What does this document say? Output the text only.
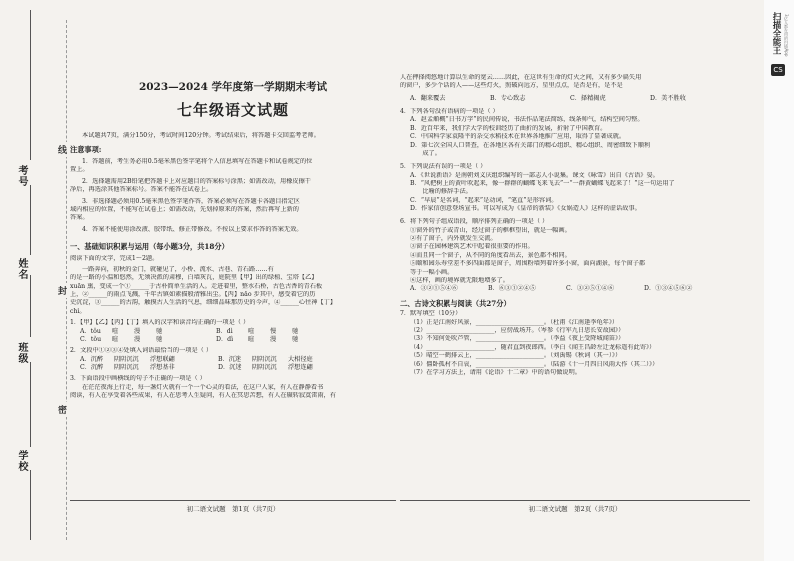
学校
班级
姓名
考号
线
封
密
2023—2024 学年度第一学期期末考试
七年级语文试题

本试题共7页，满分150分，考试时间120分钟。考试结束后，将答题卡交回监考老师。

注意事项:

1．答题前，考生务必用0.5毫米黑色签字笔将个人信息填写在答题卡和试卷规定的位

置上。

2．选择题需用2B铅笔把答题卡上对应题目的答案标号涂黑；如需改动，用橡皮擦干

净后，再选涂其他答案标号。答案不能答在试卷上。

3．非选择题必须用0.5毫米黑色签字笔作答，答案必须写在答题卡各题目指定区

域内相应的位置，不能写在试卷上；如需改动，先划掉原来的答案，然后再写上新的

答案。

4．答案不能使用涂改液、胶带纸、修正带修改。不按以上要求作答的答案无效。

一、基础知识积累与运用（每小题3分，共18分）

阅读下面的文字，完成1～2题。

一路奔向，初秋的金门，就碰见了，小桥、流水、古巷、青石路……有

的是一路的小温和悠然，无须决派的肃穆，白墙灰瓦，庭院里【甲】出的绿植、宝塔【乙】

xuān 熏，变成一个①______于古朴简单生活的人。走进着里，整水石桥，古色古香的青石板

上，②______的雨点飞溅，千年古镇如素描般清雅出尘。【丙】nǎo 步其中，感受着它的历

史沉淀，③______的古韵，触摸古人生活的气息，细细品味那历史的今声，④______心往神【丁】

chì。

1．【甲】【乙】【丙】【丁】填入的汉字和读音均正确的一项是（ ）

A．tǒu	喧	漫	驰	B．dì	喧	慢	驰
C．tǒu	暄	漫	驰	D．dì	暄	漫	驰

2．文段中①②③④处填入词语最恰当的一项是（ ）

A．沉醉	阴阴沉沉	浮想联翩	B．沉迷	阴阴沉沉	大相径庭
C．沉醉	阴阴沉沉	浮想基非	D．沉迷	阴阴沉沉	浮想连翩

3．下面语段中画横线的句子不正确的一项是（ ）

在茫茫夜海上行走，每一盏灯火就有一个一个心灵的看法，在这户人家，有人在静静看书

阅读，有人在享受着各些成果，有人在思考人生疑问，有人在冥思苦想，有人在辗转寂寞雷雨，有

初二语文试题　第1页（共7页）

人在押择阅悠地计算以生命的宽云……因此，在这世有生命的灯火之间，又有多少扁失用

的窗户，多少个话的人——这些灯火，照破向远方，星里点点，是否是有，是不是

A．翻来覆去	B．专心致志	C．择精揭虎	D．美不胜收

4．下列各句没有语病的一项是（ ）

A．赵孟頫概“日书万字”的民间传说，书法作品笔法简练，线条帅气，结构空间匀整。

B．近百年来，我们学大学的校训经历了曲折的发展，折射了中国教育。

C．中国科学家袁隆平的杂交水稻技术在世界各地推广应用，取得了显著成就。

D．第七次全国人口普查，在各地区各有关部门的精心组织、精心组织、周密细致下顺利

　　成了。

5．下列说法有误的一项是（ ）

A．《世说新语》是南朝刘义庆组织编写的一部志人小说集。课文《咏雪》出自《古语》晏。

B．“风把树上的黄叶吹起来，像一群群的蝴蝶飞来飞去”一“一群黄蝴蝶飞起来了！”这一句运用了

　　比喻的修辞手法。

C．“早晨”是名词，“起来”是动词，“笔直”是形容词。

D．作家信创意登场宣书。可以写成为《皇帝的新装》《女娲造人》这样的虚话故事。

6．将下列句子组成语段，顺序排列正确的一项是（ ）

①窗外的竹子或青山，经过窗子的框框望出，就是一幅画。

②有了窗子，内外就发生交流。

③窗子在园林建筑艺术中起着很重要的作用。

④而且同一个窗子，从不同的角度看出去，景色都不相同。

⑤颐和园乐寿堂差不多四面都是窗子，周围粉墙列着许多小窗，面向湖景，每个窗子都

等于一幅小画。

⑥这样，画的境界就无限地增多了。

A．③②①⑤④⑥	B．⑥③①②④⑤	C．③②⑤①④⑥	D．①③④⑤⑥②

二、古诗文积累与阅读（共27分）

7．默写填空（10分）

（1）正是江南好风景，______________________。（杜甫《江南逢李龟年》）

（2）______________________，应傍战场开。（岑参《行军九日思长安故园》）

（3）不知何处吹芦管，______________________。（李益《夜上受降城闻笛》）

（4）______________________，随君直到夜郎西。（李白《闻王昌龄左迁龙标遥有此寄》）

（5）晴空一鹤排云上，______________________。（刘禹锡《秋词（其一）》）

（6）僵卧孤村不自哀，______________________。（陆游《十一月四日风雨大作（其二）》）

（7）在学习方法上，请用《论语》十二章》中的语句做说明。

初二语文试题　第2页（共7页）
扫描全能王 3亿人都在用的扫描App
CS
